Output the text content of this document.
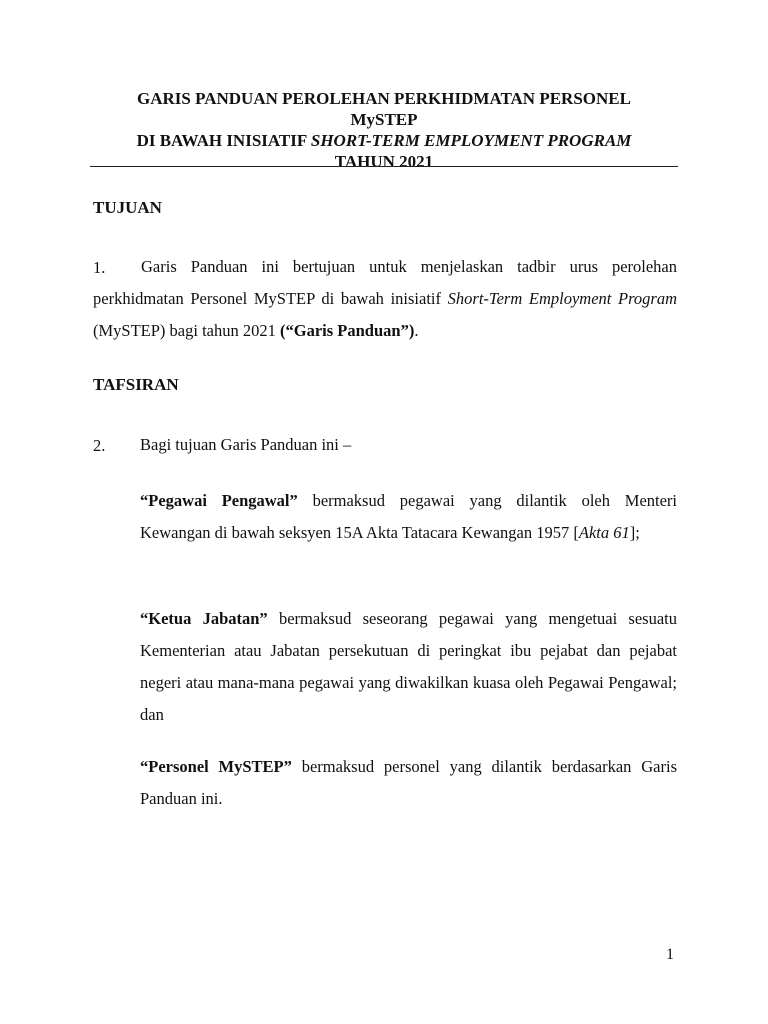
GARIS PANDUAN PEROLEHAN PERKHIDMATAN PERSONEL
MySTEP
DI BAWAH INISIATIF SHORT-TERM EMPLOYMENT PROGRAM
TAHUN 2021
TUJUAN
1.	Garis Panduan ini bertujuan untuk menjelaskan tadbir urus perolehan perkhidmatan Personel MySTEP di bawah inisiatif Short-Term Employment Program (MySTEP) bagi tahun 2021 (“Garis Panduan”).
TAFSIRAN
2. Bagi tujuan Garis Panduan ini –
“Pegawai Pengawal” bermaksud pegawai yang dilantik oleh Menteri Kewangan di bawah seksyen 15A Akta Tatacara Kewangan 1957 [Akta 61];
“Ketua Jabatan” bermaksud seseorang pegawai yang mengetuai sesuatu Kementerian atau Jabatan persekutuan di peringkat ibu pejabat dan pejabat negeri atau mana-mana pegawai yang diwakilkan kuasa oleh Pegawai Pengawal; dan
“Personel MySTEP” bermaksud personel yang dilantik berdasarkan Garis Panduan ini.
1
